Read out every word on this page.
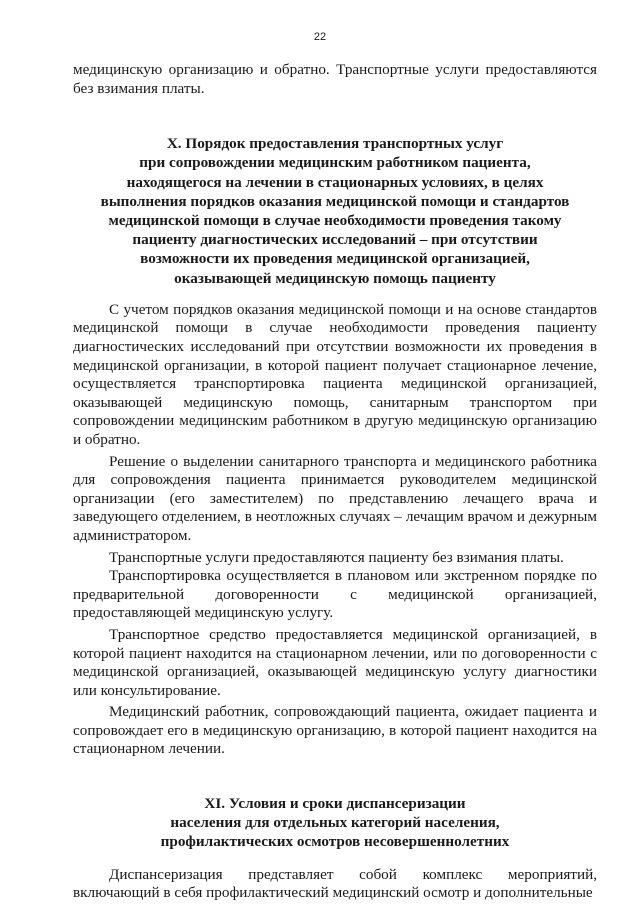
22

медицинскую организацию и обратно. Транспортные услуги предоставляются без взимания платы.

X. Порядок предоставления транспортных услуг
при сопровождении медицинским работником пациента,
находящегося на лечении в стационарных условиях, в целях
выполнения порядков оказания медицинской помощи и стандартов
медицинской помощи в случае необходимости проведения такому
пациенту диагностических исследований – при отсутствии
возможности их проведения медицинской организацией,
оказывающей медицинскую помощь пациенту

С учетом порядков оказания медицинской помощи и на основе стандартов медицинской помощи в случае необходимости проведения пациенту диагностических исследований при отсутствии возможности их проведения в медицинской организации, в которой пациент получает стационарное лечение, осуществляется транспортировка пациента медицинской организацией, оказывающей медицинскую помощь, санитарным транспортом при сопровождении медицинским работником в другую медицинскую организацию и обратно.

Решение о выделении санитарного транспорта и медицинского работника для сопровождения пациента принимается руководителем медицинской организации (его заместителем) по представлению лечащего врача и заведующего отделением, в неотложных случаях – лечащим врачом и дежурным администратором.

Транспортные услуги предоставляются пациенту без взимания платы.

Транспортировка осуществляется в плановом или экстренном порядке по предварительной договоренности с медицинской организацией, предоставляющей медицинскую услугу.

Транспортное средство предоставляется медицинской организацией, в которой пациент находится на стационарном лечении, или по договоренности с медицинской организацией, оказывающей медицинскую услугу диагностики или консультирование.

Медицинский работник, сопровождающий пациента, ожидает пациента и сопровождает его в медицинскую организацию, в которой пациент находится на стационарном лечении.

XI. Условия и сроки диспансеризации
населения для отдельных категорий населения,
профилактических осмотров несовершеннолетних

Диспансеризация представляет собой комплекс мероприятий, включающий в себя профилактический медицинский осмотр и дополнительные
